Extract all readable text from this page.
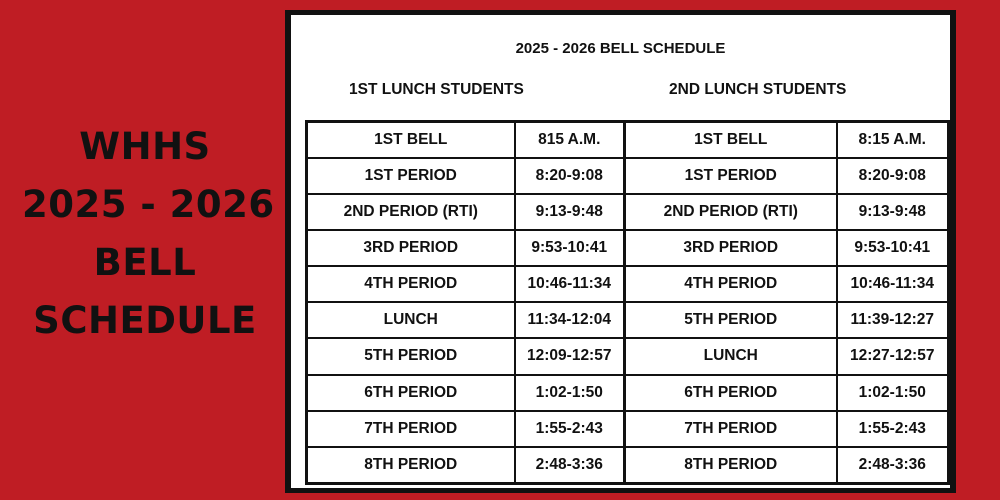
WHHS
2025 - 2026
BELL
SCHEDULE
2025 - 2026 BELL SCHEDULE
1ST LUNCH STUDENTS	2ND LUNCH STUDENTS
1ST BELL	815 A.M.	1ST BELL	8:15 A.M.
1ST PERIOD	8:20-9:08	1ST PERIOD	8:20-9:08
2ND PERIOD (RTI)	9:13-9:48	2ND PERIOD (RTI)	9:13-9:48
3RD PERIOD	9:53-10:41	3RD PERIOD	9:53-10:41
4TH PERIOD	10:46-11:34	4TH PERIOD	10:46-11:34
LUNCH	11:34-12:04	5TH PERIOD	11:39-12:27
5TH PERIOD	12:09-12:57	LUNCH	12:27-12:57
6TH PERIOD	1:02-1:50	6TH PERIOD	1:02-1:50
7TH PERIOD	1:55-2:43	7TH PERIOD	1:55-2:43
8TH PERIOD	2:48-3:36	8TH PERIOD	2:48-3:36
